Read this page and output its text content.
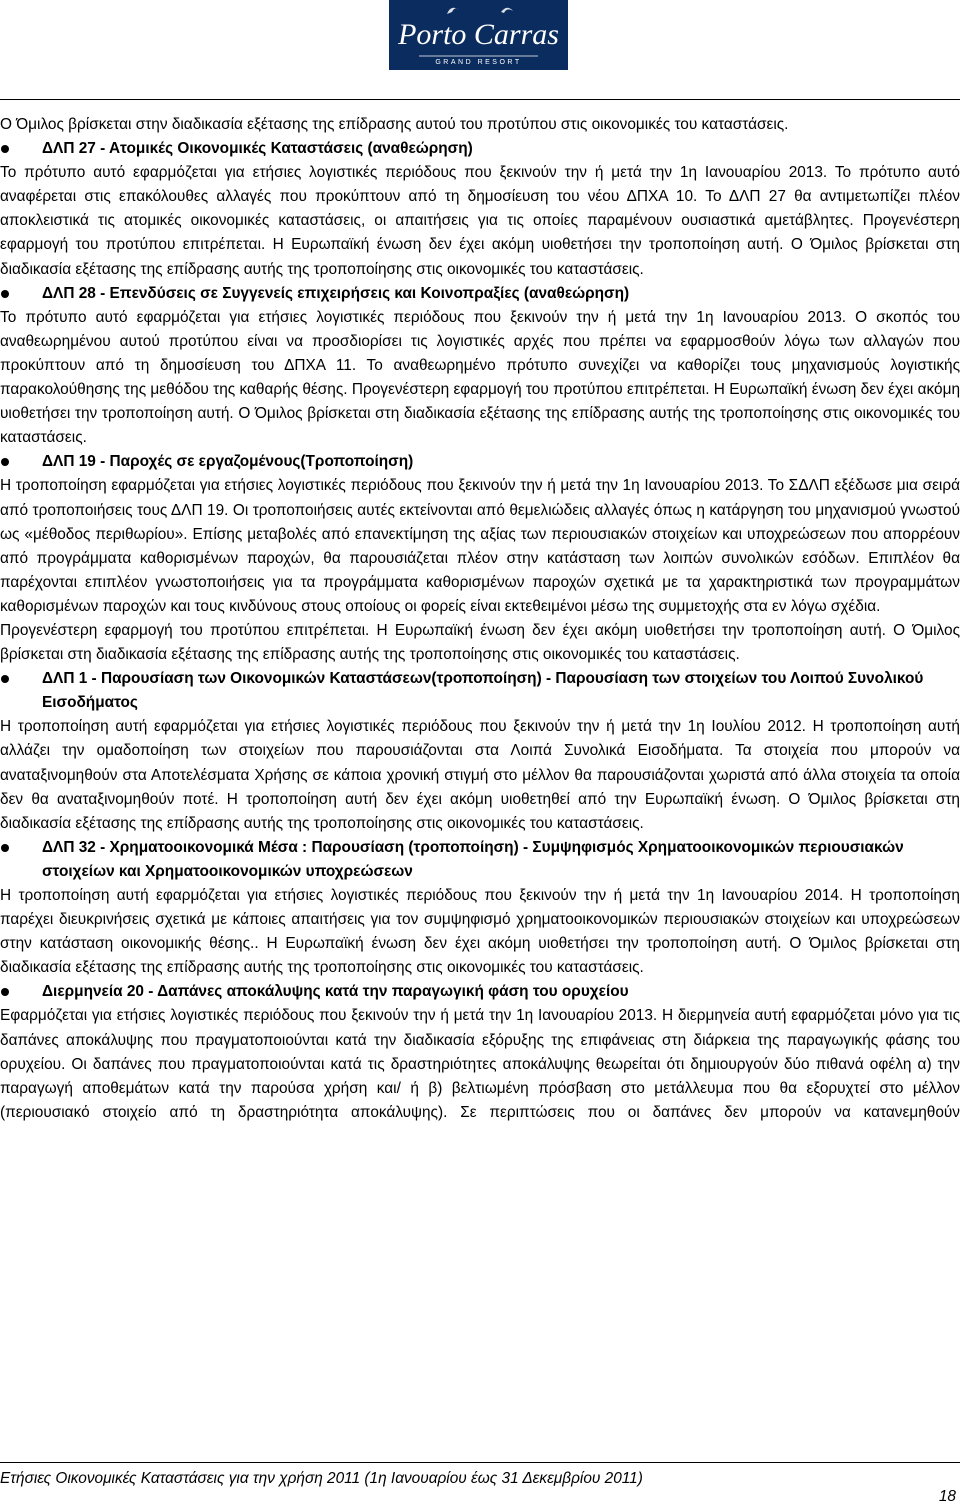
Porto Carras
GRAND RESORT

Ο Όμιλος βρίσκεται στην διαδικασία εξέτασης της επίδρασης αυτού του προτύπου στις οικονομικές του καταστάσεις.

ΔΛΠ 27 - Ατομικές Οικονομικές Καταστάσεις (αναθεώρηση)

Το πρότυπο αυτό εφαρμόζεται για ετήσιες λογιστικές περιόδους που ξεκινούν την ή μετά την 1η Ιανουαρίου 2013. Το πρότυπο αυτό αναφέρεται στις επακόλουθες αλλαγές που προκύπτουν από τη δημοσίευση του νέου ΔΠΧΑ 10. Το ΔΛΠ 27 θα αντιμετωπίζει πλέον αποκλειστικά τις ατομικές οικονομικές καταστάσεις, οι απαιτήσεις για τις οποίες παραμένουν ουσιαστικά αμετάβλητες. Προγενέστερη εφαρμογή του προτύπου επιτρέπεται. Η Ευρωπαϊκή ένωση δεν έχει ακόμη υιοθετήσει την τροποποίηση αυτή. Ο Όμιλος βρίσκεται στη διαδικασία εξέτασης της επίδρασης αυτής της τροποποίησης στις οικονομικές του καταστάσεις.

ΔΛΠ 28 - Επενδύσεις σε Συγγενείς επιχειρήσεις και Κοινοπραξίες (αναθεώρηση)

Το πρότυπο αυτό εφαρμόζεται για ετήσιες λογιστικές περιόδους που ξεκινούν την ή μετά την 1η Ιανουαρίου 2013. Ο σκοπός του αναθεωρημένου αυτού προτύπου είναι να προσδιορίσει τις λογιστικές αρχές που πρέπει να εφαρμοσθούν λόγω των αλλαγών που προκύπτουν από τη δημοσίευση του ΔΠΧΑ 11. Το αναθεωρημένο πρότυπο συνεχίζει να καθορίζει τους μηχανισμούς λογιστικής παρακολούθησης της μεθόδου της καθαρής θέσης. Προγενέστερη εφαρμογή του προτύπου επιτρέπεται. Η Ευρωπαϊκή ένωση δεν έχει ακόμη υιοθετήσει την τροποποίηση αυτή. Ο Όμιλος βρίσκεται στη διαδικασία εξέτασης της επίδρασης αυτής της τροποποίησης στις οικονομικές του καταστάσεις.

ΔΛΠ 19 - Παροχές σε εργαζομένους(Τροποποίηση)

Η τροποποίηση εφαρμόζεται για ετήσιες λογιστικές περιόδους που ξεκινούν την ή μετά την 1η Ιανουαρίου 2013. Το ΣΔΛΠ εξέδωσε μια σειρά από τροποποιήσεις τους ΔΛΠ 19. Οι τροποποιήσεις αυτές εκτείνονται από θεμελιώδεις αλλαγές όπως η κατάργηση του μηχανισμού γνωστού ως «μέθοδος περιθωρίου». Επίσης μεταβολές από επανεκτίμηση της αξίας των περιουσιακών στοιχείων και υποχρεώσεων που απορρέουν από προγράμματα καθορισμένων παροχών, θα παρουσιάζεται πλέον στην κατάσταση των λοιπών συνολικών εσόδων. Επιπλέον θα παρέχονται επιπλέον γνωστοποιήσεις για τα προγράμματα καθορισμένων παροχών σχετικά με τα χαρακτηριστικά των προγραμμάτων καθορισμένων παροχών και τους κινδύνους στους οποίους οι φορείς είναι εκτεθειμένοι μέσω της συμμετοχής στα εν λόγω σχέδια.

Προγενέστερη εφαρμογή του προτύπου επιτρέπεται. Η Ευρωπαϊκή ένωση δεν έχει ακόμη υιοθετήσει την τροποποίηση αυτή. Ο Όμιλος βρίσκεται στη διαδικασία εξέτασης της επίδρασης αυτής της τροποποίησης στις οικονομικές του καταστάσεις.

ΔΛΠ 1 - Παρουσίαση των Οικονομικών Καταστάσεων(τροποποίηση) - Παρουσίαση των στοιχείων του Λοιπού Συνολικού Εισοδήματος

Η τροποποίηση αυτή εφαρμόζεται για ετήσιες λογιστικές περιόδους που ξεκινούν την ή μετά την 1η Ιουλίου 2012. Η τροποποίηση αυτή αλλάζει την ομαδοποίηση των στοιχείων που παρουσιάζονται στα Λοιπά Συνολικά Εισοδήματα. Τα στοιχεία που μπορούν να αναταξινομηθούν στα Αποτελέσματα Χρήσης σε κάποια χρονική στιγμή στο μέλλον θα παρουσιάζονται χωριστά από άλλα στοιχεία τα οποία δεν θα αναταξινομηθούν ποτέ. Η τροποποίηση αυτή δεν έχει ακόμη υιοθετηθεί από την Ευρωπαϊκή ένωση. Ο Όμιλος βρίσκεται στη διαδικασία εξέτασης της επίδρασης αυτής της τροποποίησης στις οικονομικές του καταστάσεις.

ΔΛΠ 32 - Χρηματοοικονομικά Μέσα : Παρουσίαση (τροποποίηση) - Συμψηφισμός Χρηματοοικονομικών περιουσιακών στοιχείων και Χρηματοοικονομικών υποχρεώσεων

Η τροποποίηση αυτή εφαρμόζεται για ετήσιες λογιστικές περιόδους που ξεκινούν την ή μετά την 1η Ιανουαρίου 2014. Η τροποποίηση παρέχει διευκρινήσεις σχετικά με κάποιες απαιτήσεις για τον συμψηφισμό χρηματοοικονομικών περιουσιακών στοιχείων και υποχρεώσεων στην κατάσταση οικονομικής θέσης.. Η Ευρωπαϊκή ένωση δεν έχει ακόμη υιοθετήσει την τροποποίηση αυτή. Ο Όμιλος βρίσκεται στη διαδικασία εξέτασης της επίδρασης αυτής της τροποποίησης στις οικονομικές του καταστάσεις.

Διερμηνεία 20 - Δαπάνες αποκάλυψης κατά την παραγωγική φάση του ορυχείου

Εφαρμόζεται για ετήσιες λογιστικές περιόδους που ξεκινούν την ή μετά την 1η Ιανουαρίου 2013. Η διερμηνεία αυτή εφαρμόζεται μόνο για τις δαπάνες αποκάλυψης που πραγματοποιούνται κατά την διαδικασία εξόρυξης της επιφάνειας στη διάρκεια της παραγωγικής φάσης του ορυχείου. Οι δαπάνες που πραγματοποιούνται κατά τις δραστηριότητες αποκάλυψης θεωρείται ότι δημιουργούν δύο πιθανά οφέλη α) την παραγωγή αποθεμάτων κατά την παρούσα χρήση και/ ή β) βελτιωμένη πρόσβαση στο μετάλλευμα που θα εξορυχτεί στο μέλλον (περιουσιακό στοιχείο από τη δραστηριότητα αποκάλυψης). Σε περιπτώσεις που οι δαπάνες δεν μπορούν να κατανεμηθούν

Ετήσιες Οικονομικές Καταστάσεις για την χρήση 2011 (1η Ιανουαρίου έως 31 Δεκεμβρίου 2011)
18
